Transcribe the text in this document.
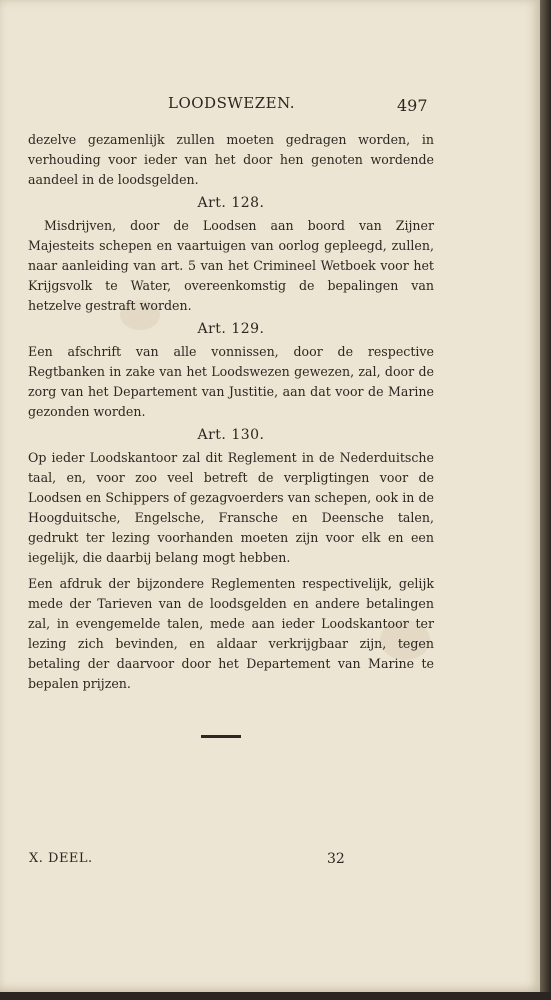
LOODSWEZEN.	497

dezelve gezamenlijk zullen moeten gedragen worden, in verhouding voor ieder van het door hen genoten wordende aandeel in de loodsgelden.

Art. 128.

Misdrijven, door de Loodsen aan boord van Zijner Majesteits schepen en vaartuigen van oorlog gepleegd, zullen, naar aanleiding van art. 5 van het Crimineel Wetboek voor het Krijgsvolk te Water, overeenkomstig de bepalingen van hetzelve gestraft worden.

Art. 129.

Een afschrift van alle vonnissen, door de respective Regtbanken in zake van het Loodswezen gewezen, zal, door de zorg van het Departement van Justitie, aan dat voor de Marine gezonden worden.

Art. 130.

Op ieder Loodskantoor zal dit Reglement in de Nederduitsche taal, en, voor zoo veel betreft de verpligtingen voor de Loodsen en Schippers of gezagvoerders van schepen, ook in de Hoogduitsche, Engelsche, Fransche en Deensche talen, gedrukt ter lezing voorhanden moeten zijn voor elk en een iegelijk, die daarbij belang mogt hebben.

Een afdruk der bijzondere Reglementen respectivelijk, gelijk mede der Tarieven van de loodsgelden en andere betalingen zal, in evengemelde talen, mede aan ieder Loodskantoor ter lezing zich bevinden, en aldaar verkrijgbaar zijn, tegen betaling der daarvoor door het Departement van Marine te bepalen prijzen.

X. DEEL.	32
